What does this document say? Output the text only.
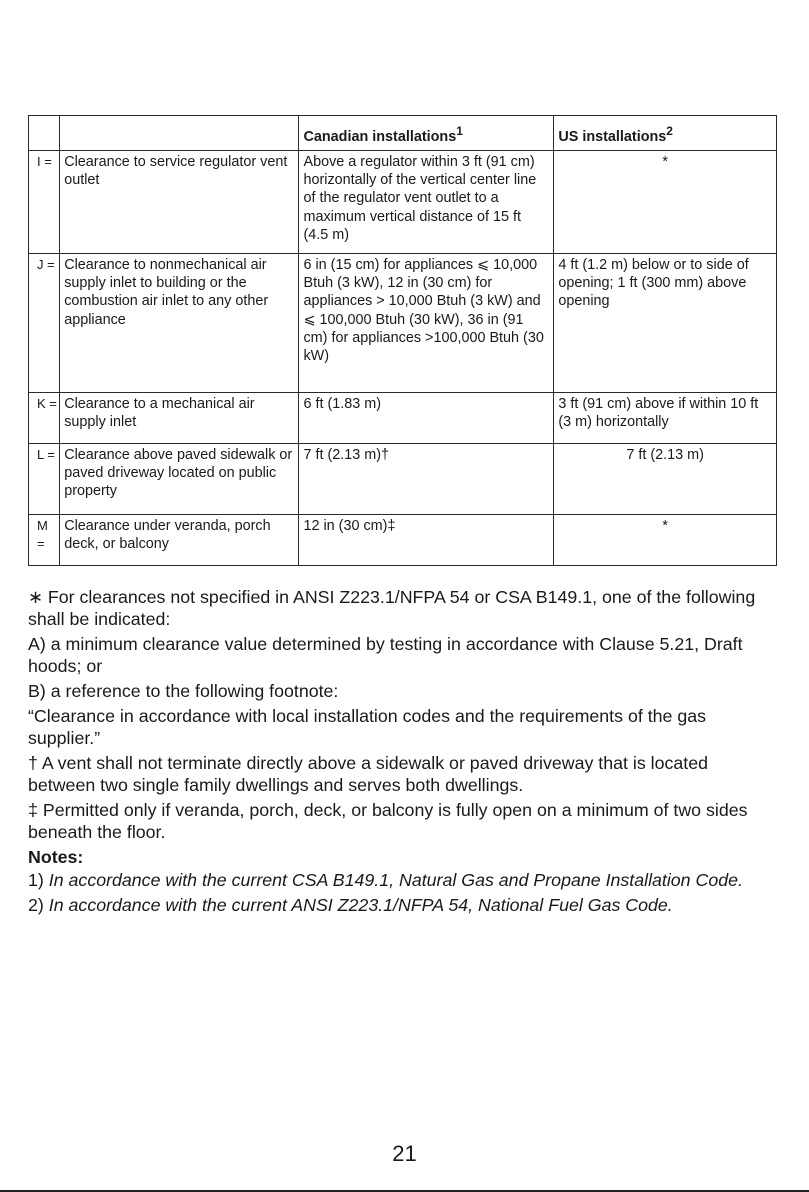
		Canadian installations$^1$	US installations$^2$
I =	Clearance to service regulator vent outlet	Above a regulator within 3 ft (91 cm) horizontally of the vertical center line of the regulator vent outlet to a maximum vertical distance of 15 ft (4.5 m)	*
J =	Clearance to nonmechanical air supply inlet to building or the combustion air inlet to any other appliance	6 in (15 cm) for appliances ⩽ 10,000 Btuh (3 kW), 12 in (30 cm) for appliances > 10,000 Btuh (3 kW) and ⩽ 100,000 Btuh (30 kW), 36 in (91 cm) for appliances >100,000 Btuh (30 kW)	4 ft (1.2 m) below or to side of opening; 1 ft (300 mm) above opening
K =	Clearance to a mechanical air supply inlet	6 ft (1.83 m)	3 ft (91 cm) above if within 10 ft (3 m) horizontally
L =	Clearance above paved sidewalk or paved driveway located on public property	7 ft (2.13 m)†	7 ft (2.13 m)
M =	Clearance under veranda, porch deck, or balcony	12 in (30 cm)‡	*

∗ For clearances not specified in ANSI Z223.1/NFPA 54 or CSA B149.1, one of the following shall be indicated:

A) a minimum clearance value determined by testing in accordance with Clause 5.21, Draft hoods; or

B) a reference to the following footnote:

“Clearance in accordance with local installation codes and the requirements of the gas supplier.”

† A vent shall not terminate directly above a sidewalk or paved driveway that is located between two single family dwellings and serves both dwellings.

‡ Permitted only if veranda, porch, deck, or balcony is fully open on a minimum of two sides beneath the floor.

Notes:

1) In accordance with the current CSA B149.1, Natural Gas and Propane Installation Code.

2) In accordance with the current ANSI Z223.1/NFPA 54, National Fuel Gas Code.

21
